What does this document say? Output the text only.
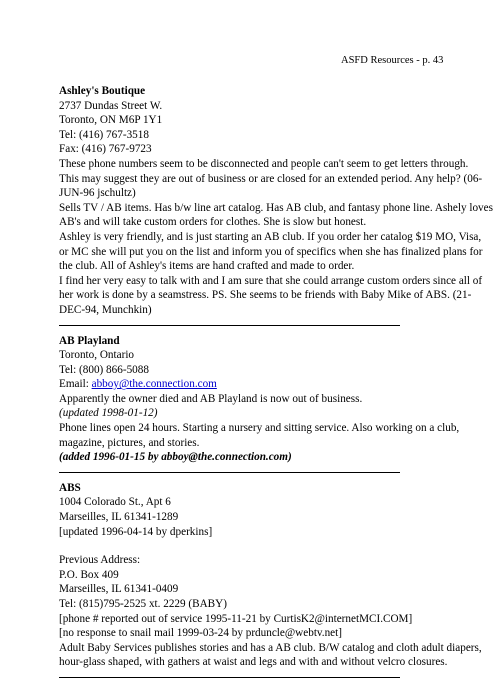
ASFD Resources - p. 43
Ashley's Boutique
2737 Dundas Street W.
Toronto, ON M6P 1Y1
Tel: (416) 767-3518
Fax: (416) 767-9723
These phone numbers seem to be disconnected and people can't seem to get letters through.
This may suggest they are out of business or are closed for an extended period. Any help? (06-
JUN-96 jschultz)
Sells TV / AB items. Has b/w line art catalog. Has AB club, and fantasy phone line. Ashely loves
AB's and will take custom orders for clothes. She is slow but honest.
Ashley is very friendly, and is just starting an AB club. If you order her catalog $19 MO, Visa,
or MC she will put you on the list and inform you of specifics when she has finalized plans for
the club. All of Ashley's items are hand crafted and made to order.
I find her very easy to talk with and I am sure that she could arrange custom orders since all of
her work is done by a seamstress. PS. She seems to be friends with Baby Mike of ABS. (21-
DEC-94, Munchkin)
AB Playland
Toronto, Ontario
Tel: (800) 866-5088
Email: abboy@the.connection.com
Apparently the owner died and AB Playland is now out of business.
(updated 1998-01-12)
Phone lines open 24 hours. Starting a nursery and sitting service. Also working on a club,
magazine, pictures, and stories.
(added 1996-01-15 by abboy@the.connection.com)
ABS
1004 Colorado St., Apt 6
Marseilles, IL 61341-1289
[updated 1996-04-14 by dperkins]
Previous Address:
P.O. Box 409
Marseilles, IL 61341-0409
Tel: (815)795-2525 xt. 2229 (BABY)
[phone # reported out of service 1995-11-21 by CurtisK2@internetMCI.COM]
[no response to snail mail 1999-03-24 by prduncle@webtv.net]
Adult Baby Services publishes stories and has a AB club. B/W catalog and cloth adult diapers,
hour-glass shaped, with gathers at waist and legs and with and without velcro closures.
